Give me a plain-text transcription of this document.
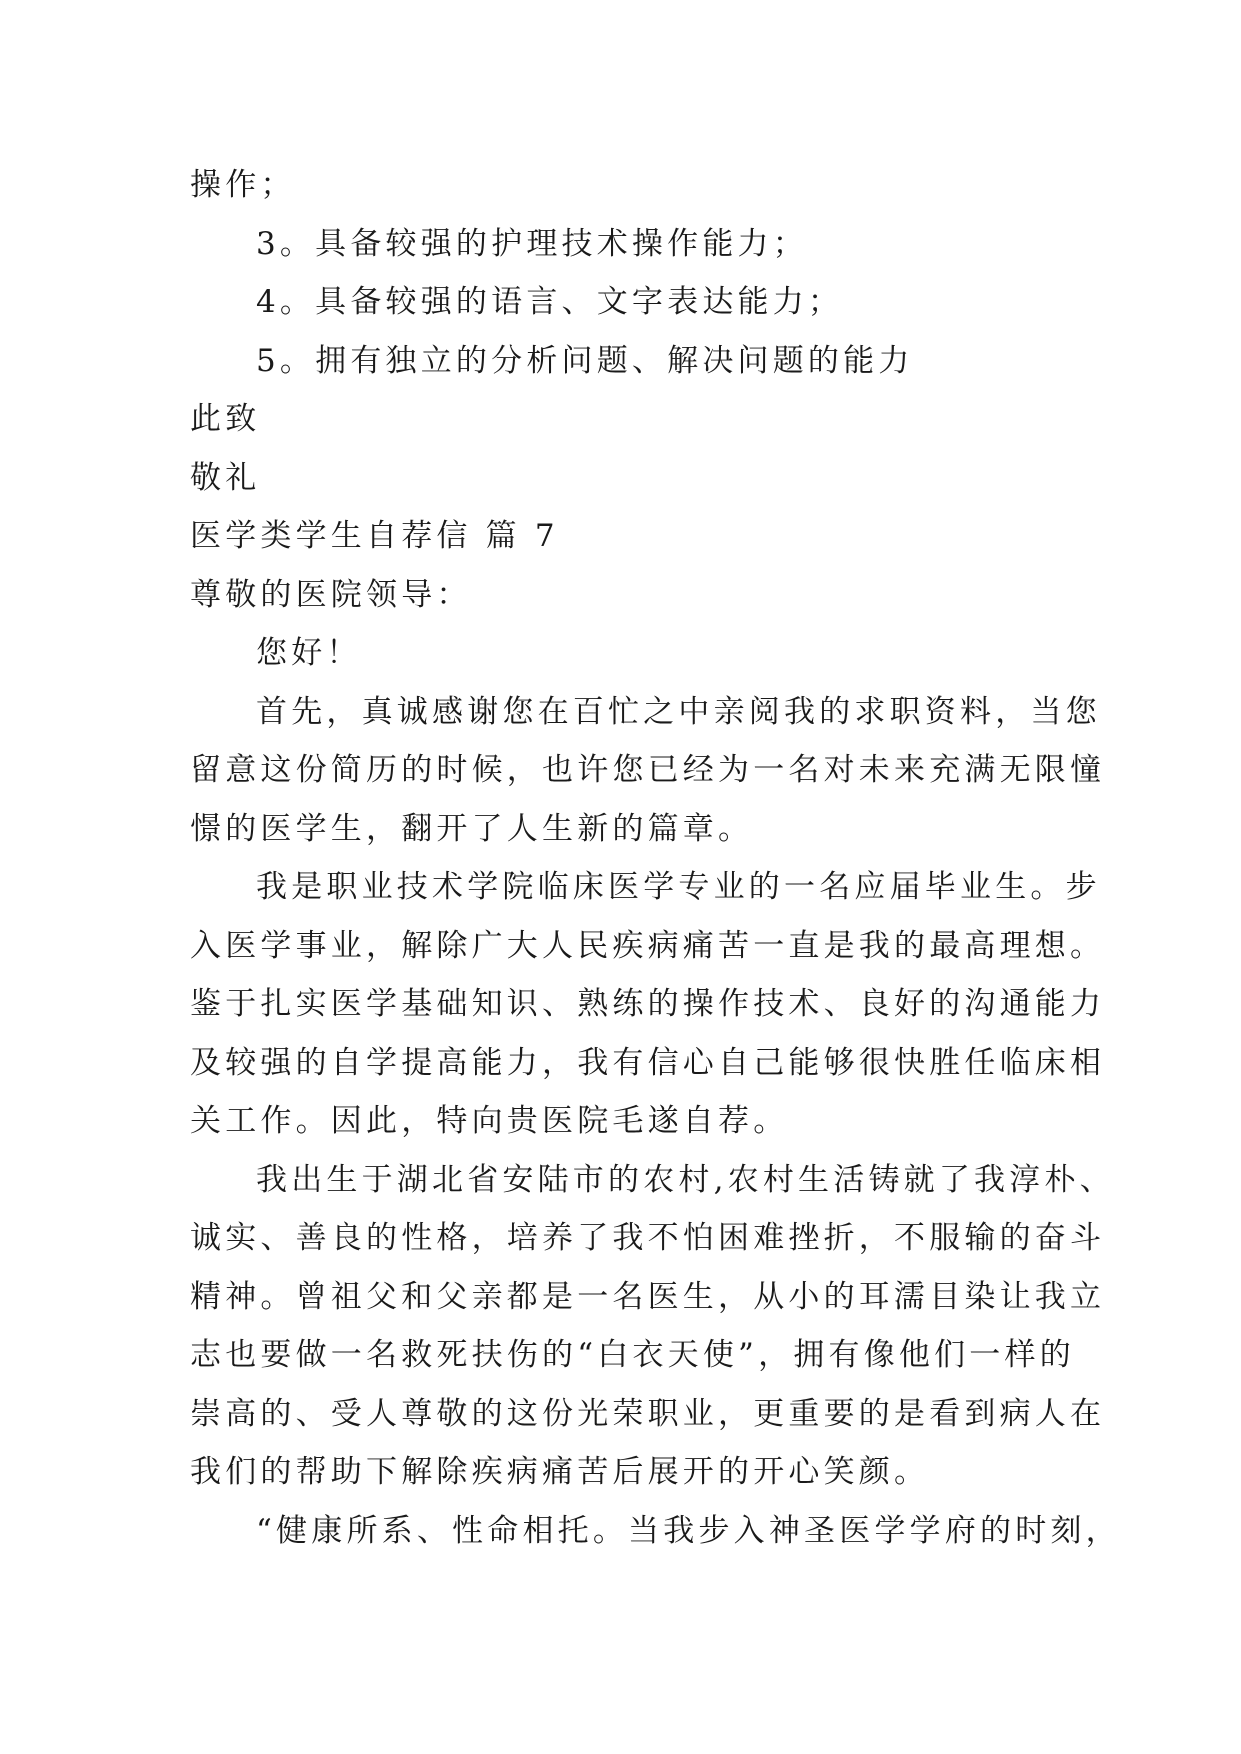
操作；
3。具备较强的护理技术操作能力；
4。具备较强的语言、文字表达能力；
5。拥有独立的分析问题、解决问题的能力
此致
敬礼
医学类学生自荐信 篇 7
尊敬的医院领导：
您好！
首先，真诚感谢您在百忙之中亲阅我的求职资料，当您
留意这份简历的时候，也许您已经为一名对未来充满无限憧
憬的医学生，翻开了人生新的篇章。
我是职业技术学院临床医学专业的一名应届毕业生。步
入医学事业，解除广大人民疾病痛苦一直是我的最高理想。
鉴于扎实医学基础知识、熟练的操作技术、良好的沟通能力
及较强的自学提高能力，我有信心自己能够很快胜任临床相
关工作。因此，特向贵医院毛遂自荐。
我出生于湖北省安陆市的农村,农村生活铸就了我淳朴、
诚实、善良的性格，培养了我不怕困难挫折，不服输的奋斗
精神。曾祖父和父亲都是一名医生，从小的耳濡目染让我立
志也要做一名救死扶伤的“白衣天使”，拥有像他们一样的
崇高的、受人尊敬的这份光荣职业，更重要的是看到病人在
我们的帮助下解除疾病痛苦后展开的开心笑颜。
“健康所系、性命相托。当我步入神圣医学学府的时刻，
